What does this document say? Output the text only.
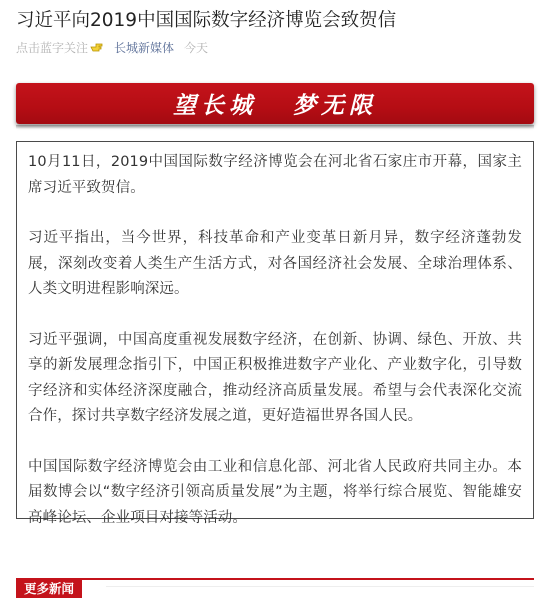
习近平向2019中国国际数字经济博览会致贺信
点击蓝字关注 长城新媒体 今天
望长城 梦无限

10月11日，2019中国国际数字经济博览会在河北省石家庄市开幕，国家主席习近平致贺信。

习近平指出，当今世界，科技革命和产业变革日新月异，数字经济蓬勃发展，深刻改变着人类生产生活方式，对各国经济社会发展、全球治理体系、人类文明进程影响深远。

习近平强调，中国高度重视发展数字经济，在创新、协调、绿色、开放、共享的新发展理念指引下，中国正积极推进数字产业化、产业数字化，引导数字经济和实体经济深度融合，推动经济高质量发展。希望与会代表深化交流合作，探讨共享数字经济发展之道，更好造福世界各国人民。

中国国际数字经济博览会由工业和信息化部、河北省人民政府共同主办。本届数博会以“数字经济引领高质量发展”为主题，将举行综合展览、智能雄安高峰论坛、企业项目对接等活动。

更多新闻
